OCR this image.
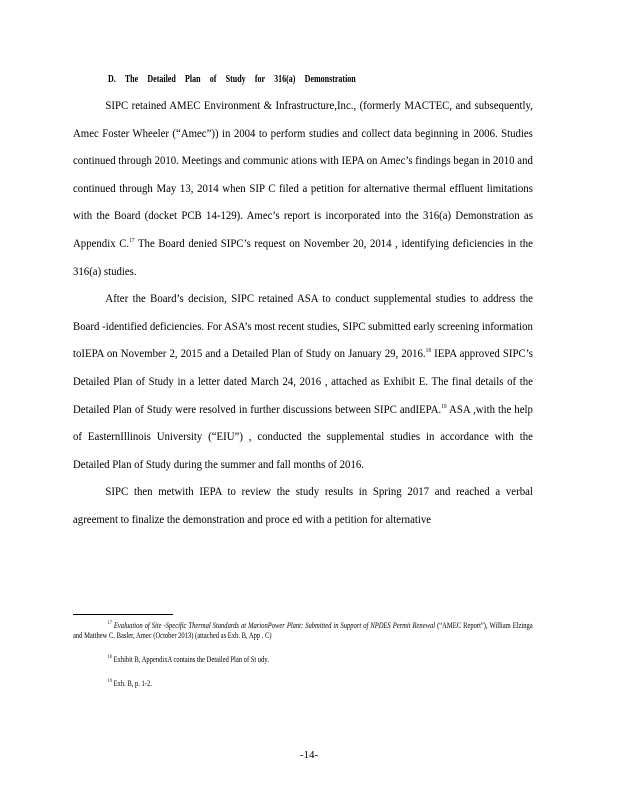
D. The Detailed Plan of Study for 316(a) Demonstration

SIPC retained AMEC Environment & Infrastructure,Inc., (formerly MACTEC, and subsequently, Amec Foster Wheeler (“Amec”)) in 2004 to perform studies and collect data beginning in 2006. Studies continued through 2010. Meetings and communic ations with IEPA on Amec’s findings began in 2010 and continued through May 13, 2014 when SIP C filed a petition for alternative thermal effluent limitations with the Board (docket PCB 14-129). Amec’s report is incorporated into the 316(a) Demonstration as Appendix C.$^{17}$ The Board denied SIPC’s request on November 20, 2014 , identifying deficiencies in the 316(a) studies.

After the Board’s decision, SIPC retained ASA to conduct supplemental studies to address the Board -identified deficiencies. For ASA’s most recent studies, SIPC submitted early screening information toIEPA on November 2, 2015 and a Detailed Plan of Study on January 29, 2016.18 IEPA approved SIPC’s Detailed Plan of Study in a letter dated March 24, 2016 , attached as Exhibit E. The final details of the Detailed Plan of Study were resolved in further discussions between SIPC andIEPA.$^{19}$ ASA ,with the help of EasternIllinois University (“EIU”) , conducted the supplemental studies in accordance with the Detailed Plan of Study during the summer and fall months of 2016.

SIPC then metwith IEPA to review the study results in Spring 2017 and reached a verbal agreement to finalize the demonstration and proce ed with a petition for alternative

$^{17}$ Evaluation of Site -Specific Thermal Standards at MarionPower Plant: Submitted in Support of NPDES Permit Renewal (“AMEC Report”), William Elzinga and Matthew C. Basler, Amec (October 2013) (attached as Exh. B, App . C)
$^{18}$ Exhibit B, AppendixA contains the Detailed Plan of St udy.
$^{19}$ Exh. B, p. 1-2.
-14-
